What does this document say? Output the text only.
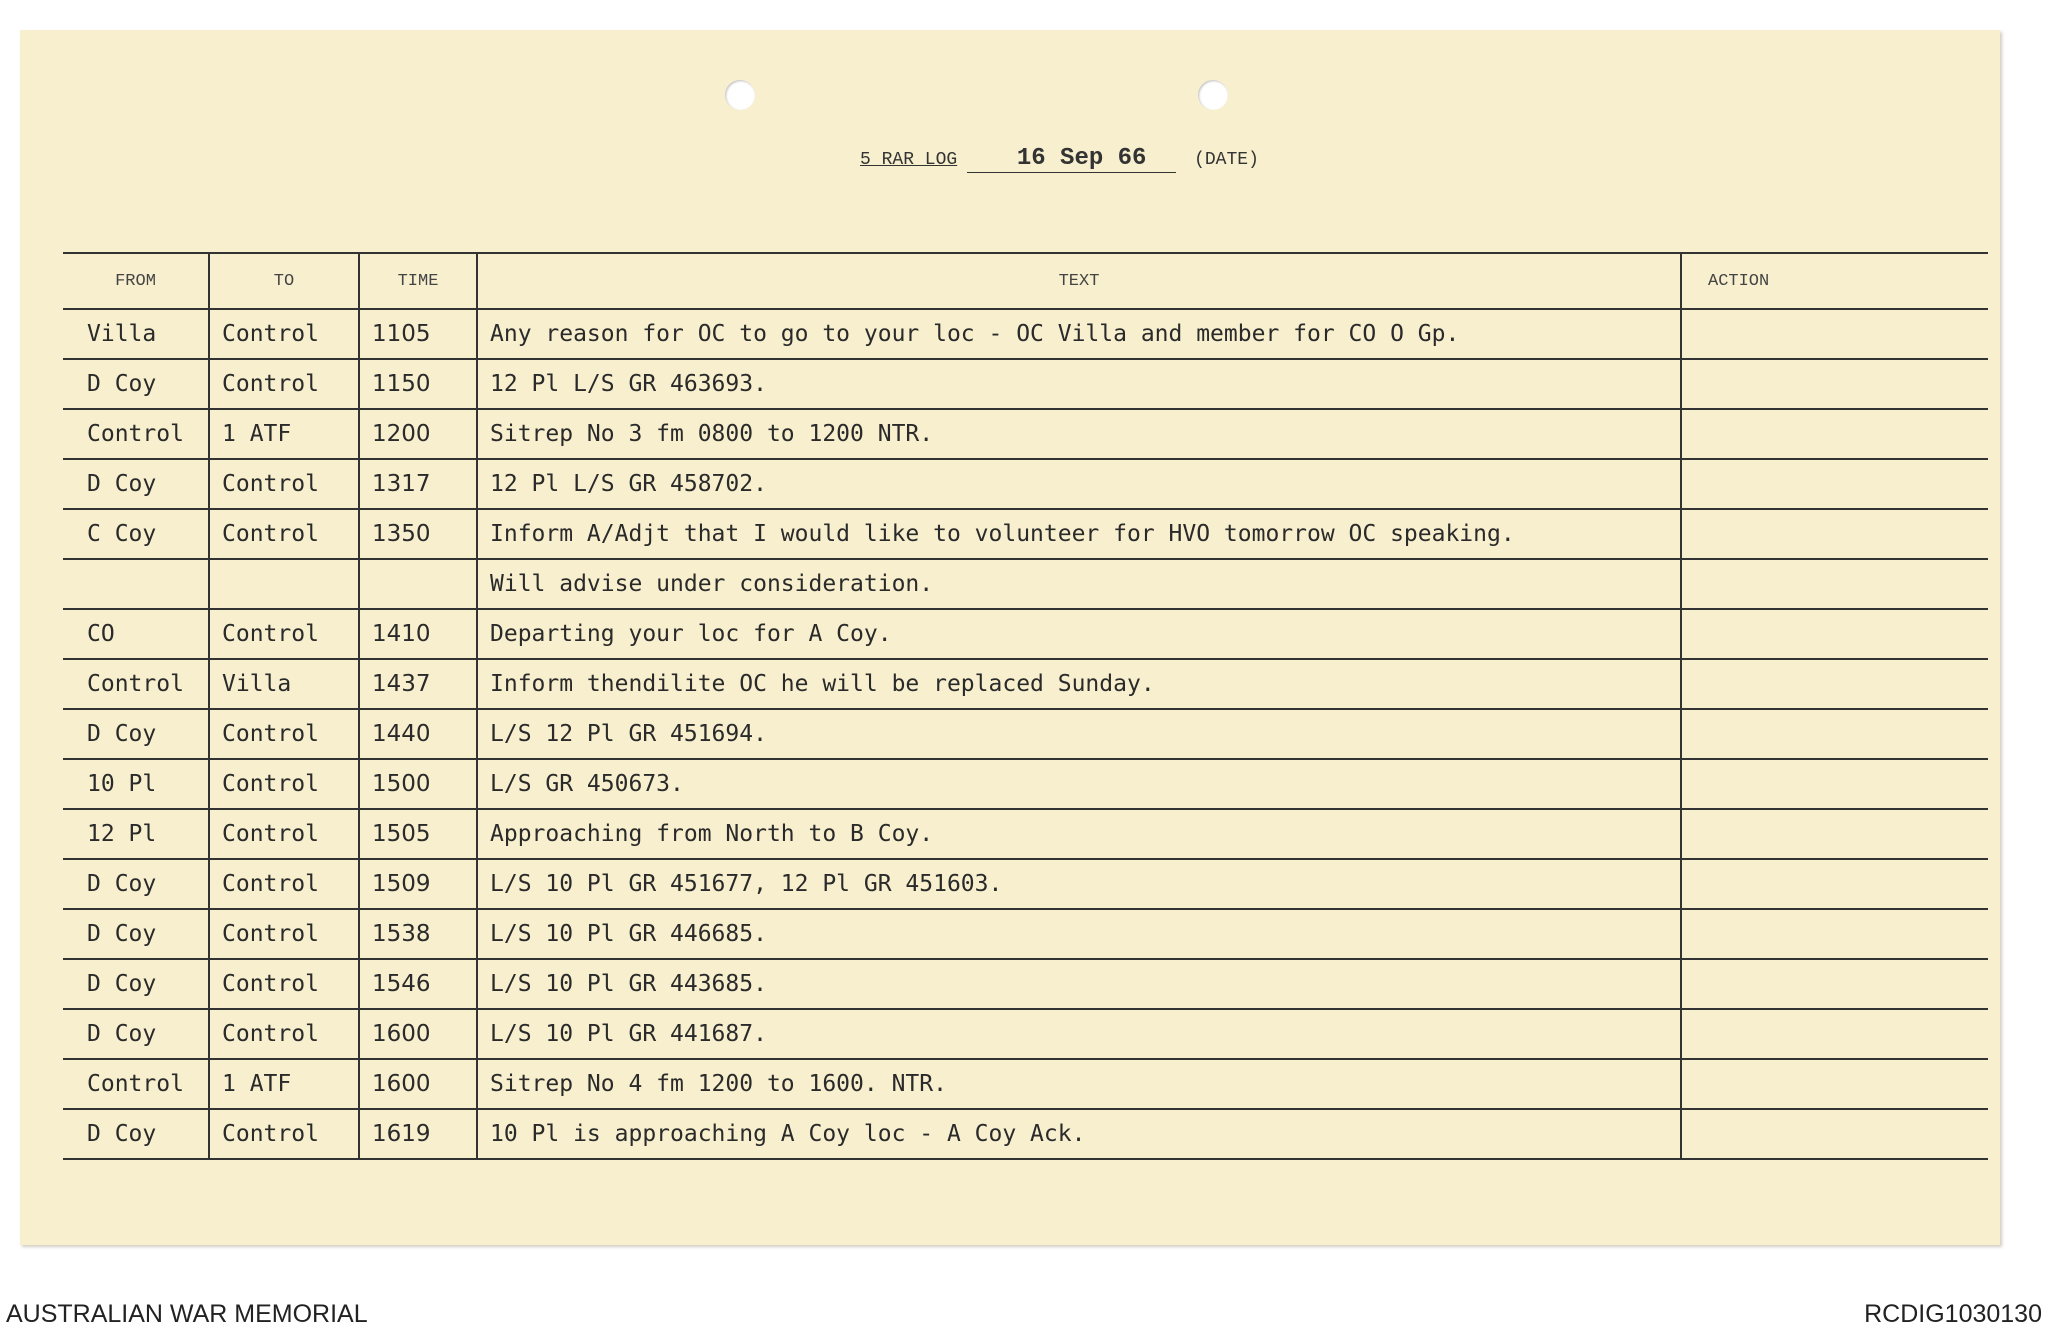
5 RAR LOG 16 Sep 66	(DATE)
FROM	TO	TIME	TEXT	ACTION
Villa	Control	1105	Any reason for OC to go to your loc - OC Villa and member for CO O Gp.	
D Coy	Control	1150	12 Pl L/S GR 463693.	
Control	1 ATF	1200	Sitrep No 3 fm 0800 to 1200 NTR.	
D Coy	Control	1317	12 Pl L/S GR 458702.	
C Coy	Control	1350	Inform A/Adjt that I would like to volunteer for HVO tomorrow OC speaking.	
			Will advise under consideration.	
CO	Control	1410	Departing your loc for A Coy.	
Control	Villa	1437	Inform thendilite OC he will be replaced Sunday.	
D Coy	Control	1440	L/S 12 Pl GR 451694.	
10 Pl	Control	1500	L/S GR 450673.	
12 Pl	Control	1505	Approaching from North to B Coy.	
D Coy	Control	1509	L/S 10 Pl GR 451677, 12 Pl GR 451603.	
D Coy	Control	1538	L/S 10 Pl GR 446685.	
D Coy	Control	1546	L/S 10 Pl GR 443685.	
D Coy	Control	1600	L/S 10 Pl GR 441687.	
Control	1 ATF	1600	Sitrep No 4 fm 1200 to 1600. NTR.	
D Coy	Control	1619	10 Pl is approaching A Coy loc - A Coy Ack.	
AUSTRALIAN WAR MEMORIAL	RCDIG1030130
